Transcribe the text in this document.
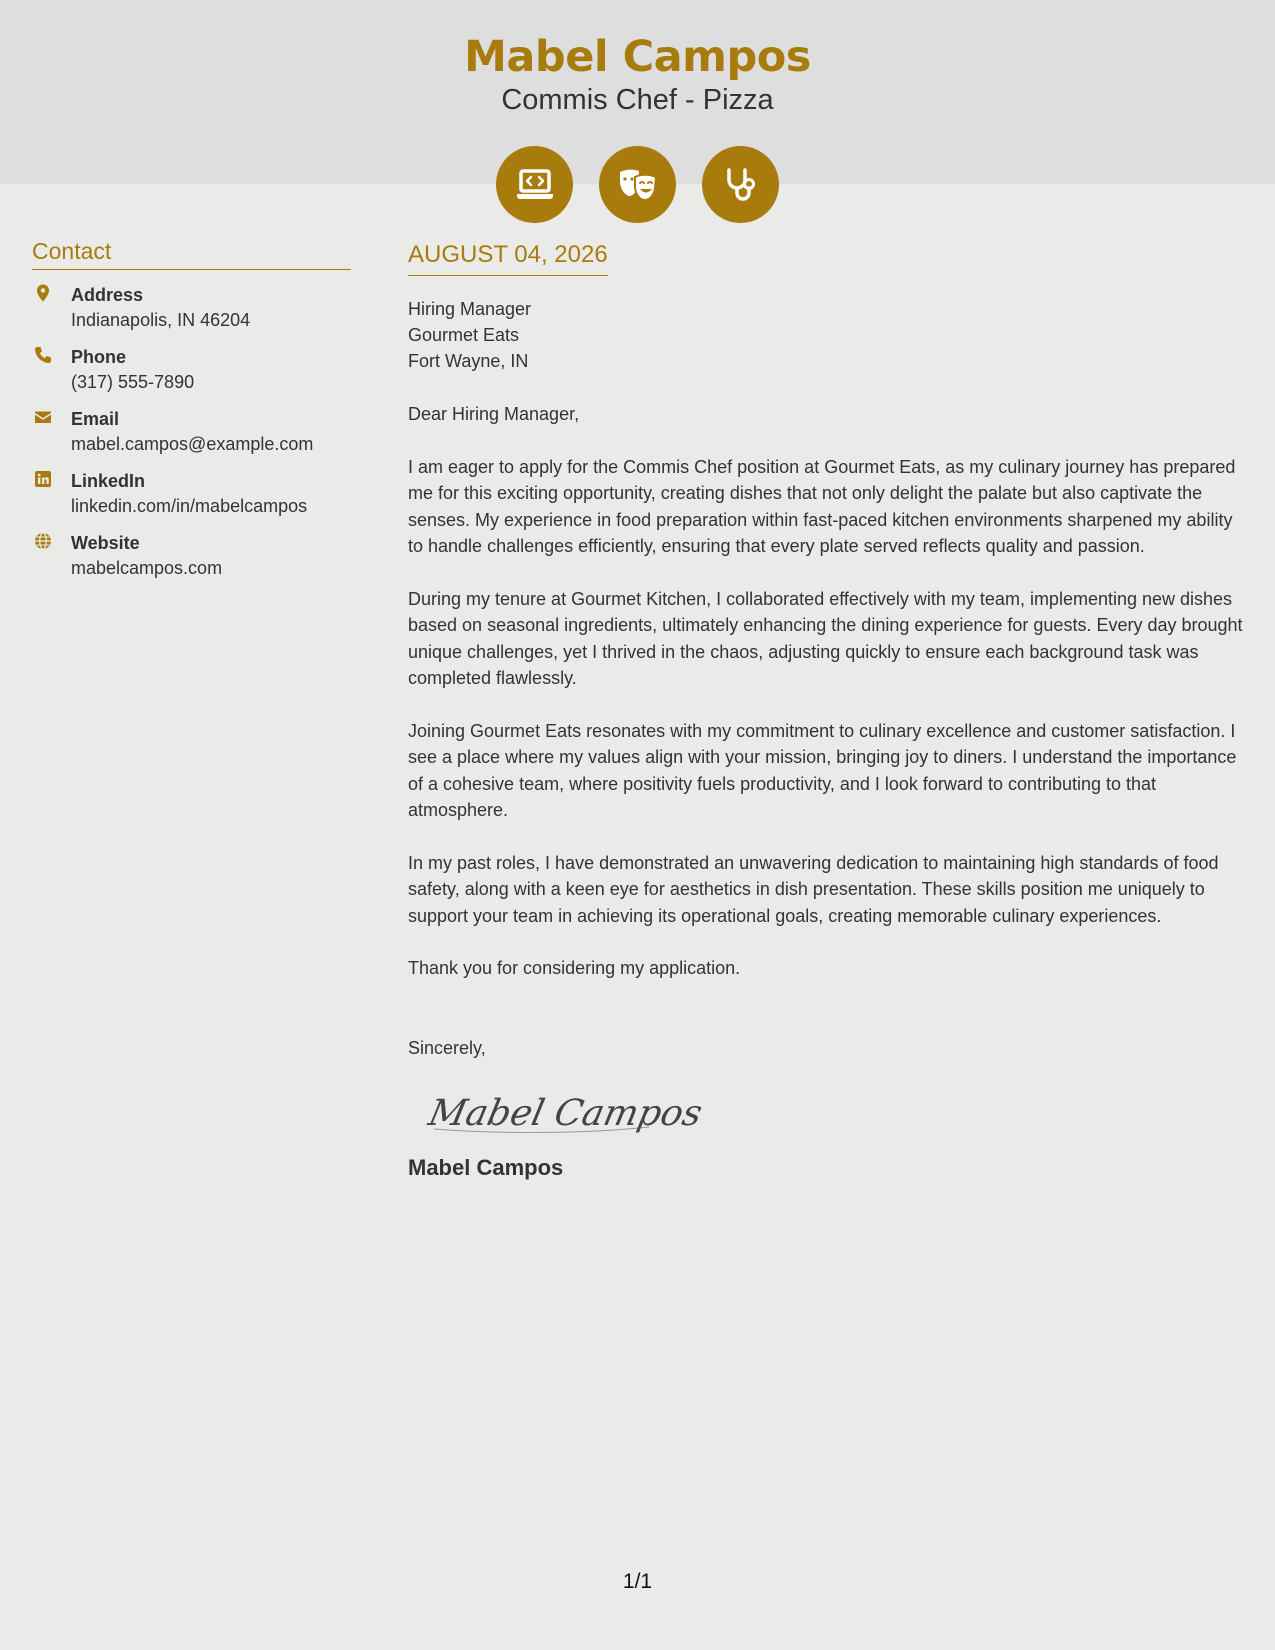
Mabel Campos
Commis Chef - Pizza
Contact
Address
Indianapolis, IN 46204
Phone
(317) 555-7890
Email
mabel.campos@example.com
LinkedIn
linkedin.com/in/mabelcampos
Website
mabelcampos.com
AUGUST 04, 2026
Hiring Manager
Gourmet Eats
Fort Wayne, IN
Dear Hiring Manager,
I am eager to apply for the Commis Chef position at Gourmet Eats, as my culinary journey has prepared me for this exciting opportunity, creating dishes that not only delight the palate but also captivate the senses. My experience in food preparation within fast-paced kitchen environments sharpened my ability to handle challenges efficiently, ensuring that every plate served reflects quality and passion.
During my tenure at Gourmet Kitchen, I collaborated effectively with my team, implementing new dishes based on seasonal ingredients, ultimately enhancing the dining experience for guests. Every day brought unique challenges, yet I thrived in the chaos, adjusting quickly to ensure each background task was completed flawlessly.
Joining Gourmet Eats resonates with my commitment to culinary excellence and customer satisfaction. I see a place where my values align with your mission, bringing joy to diners. I understand the importance of a cohesive team, where positivity fuels productivity, and I look forward to contributing to that atmosphere.
In my past roles, I have demonstrated an unwavering dedication to maintaining high standards of food safety, along with a keen eye for aesthetics in dish presentation. These skills position me uniquely to support your team in achieving its operational goals, creating memorable culinary experiences.
Thank you for considering my application.
Sincerely,
Mabel Campos
Mabel Campos
1/1
